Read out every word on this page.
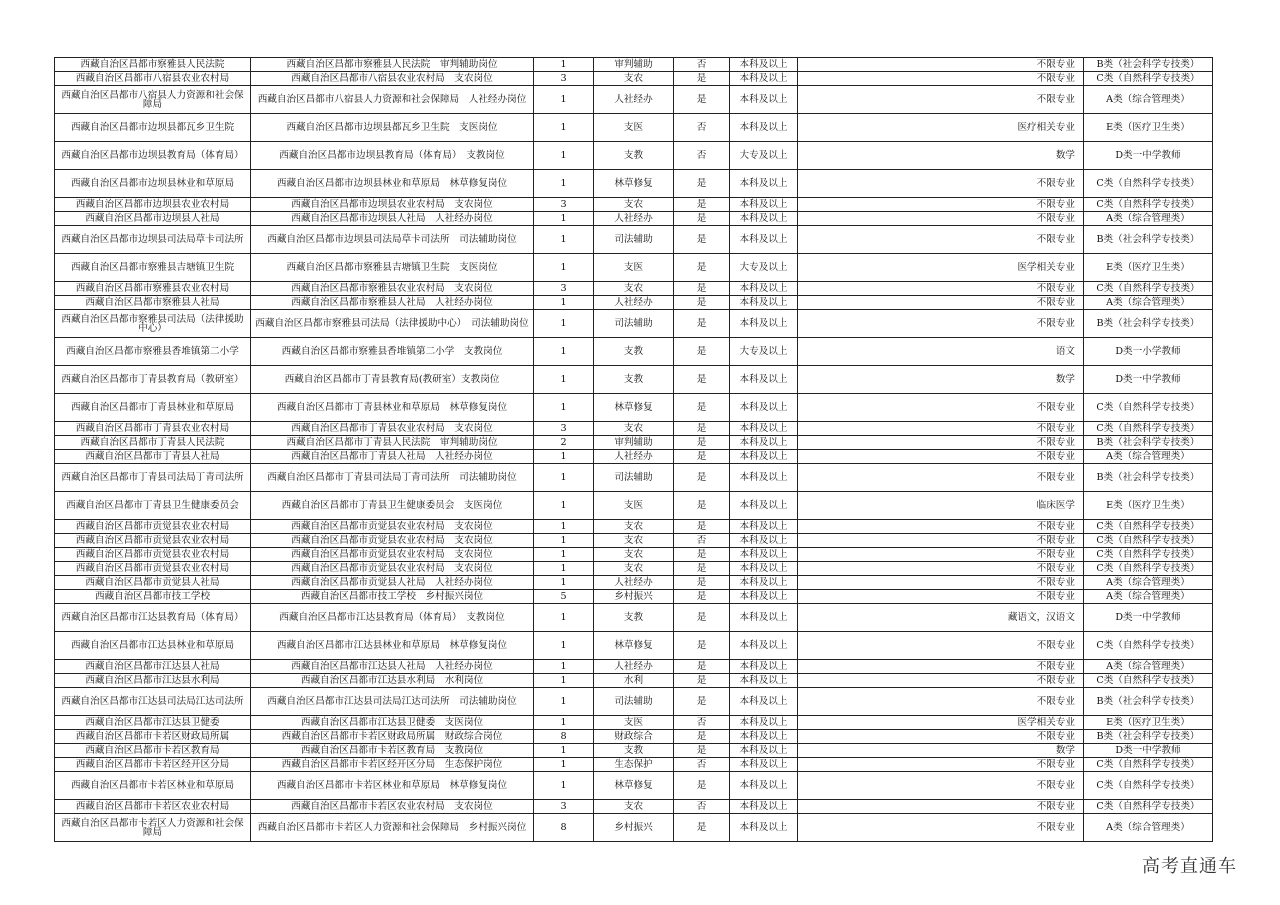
西藏自治区昌都市察雅县人民法院	西藏自治区昌都市察雅县人民法院　审判辅助岗位	1	审判辅助	否	本科及以上	不限专业	B类（社会科学专技类）
西藏自治区昌都市八宿县农业农村局	西藏自治区昌都市八宿县农业农村局　支农岗位	3	支农	是	本科及以上	不限专业	C类（自然科学专技类）
西藏自治区昌都市八宿县人力资源和社会保障局	西藏自治区昌都市八宿县人力资源和社会保障局　人社经办岗位	1	人社经办	是	本科及以上	不限专业	A类（综合管理类）
西藏自治区昌都市边坝县都瓦乡卫生院	西藏自治区昌都市边坝县都瓦乡卫生院　支医岗位	1	支医	否	本科及以上	医疗相关专业	E类（医疗卫生类）
西藏自治区昌都市边坝县教育局（体育局）	西藏自治区昌都市边坝县教育局（体育局）　支教岗位	1	支教	否	大专及以上	数学	D类一中学教师
西藏自治区昌都市边坝县林业和草原局	西藏自治区昌都市边坝县林业和草原局　林草修复岗位	1	林草修复	是	本科及以上	不限专业	C类（自然科学专技类）
西藏自治区昌都市边坝县农业农村局	西藏自治区昌都市边坝县农业农村局　支农岗位	3	支农	是	本科及以上	不限专业	C类（自然科学专技类）
西藏自治区昌都市边坝县人社局	西藏自治区昌都市边坝县人社局　人社经办岗位	1	人社经办	是	本科及以上	不限专业	A类（综合管理类）
西藏自治区昌都市边坝县司法局草卡司法所	西藏自治区昌都市边坝县司法局草卡司法所　司法辅助岗位	1	司法辅助	是	本科及以上	不限专业	B类（社会科学专技类）
西藏自治区昌都市察雅县吉塘镇卫生院	西藏自治区昌都市察雅县吉塘镇卫生院　支医岗位	1	支医	是	大专及以上	医学相关专业	E类（医疗卫生类）
西藏自治区昌都市察雅县农业农村局	西藏自治区昌都市察雅县农业农村局　支农岗位	3	支农	是	本科及以上	不限专业	C类（自然科学专技类）
西藏自治区昌都市察雅县人社局	西藏自治区昌都市察雅县人社局　人社经办岗位	1	人社经办	是	本科及以上	不限专业	A类（综合管理类）
西藏自治区昌都市察雅县司法局（法律援助中心）	西藏自治区昌都市察雅县司法局（法律援助中心）　司法辅助岗位	1	司法辅助	是	本科及以上	不限专业	B类（社会科学专技类）
西藏自治区昌都市察雅县香堆镇第二小学	西藏自治区昌都市察雅县香堆镇第二小学　支教岗位	1	支教	是	大专及以上	语文	D类一小学教师
西藏自治区昌都市丁青县教育局（教研室）	西藏自治区昌都市丁青县教育局(教研室）支教岗位	1	支教	是	本科及以上	数学	D类一中学教师
西藏自治区昌都市丁青县林业和草原局	西藏自治区昌都市丁青县林业和草原局　林草修复岗位	1	林草修复	是	本科及以上	不限专业	C类（自然科学专技类）
西藏自治区昌都市丁青县农业农村局	西藏自治区昌都市丁青县农业农村局　支农岗位	3	支农	是	本科及以上	不限专业	C类（自然科学专技类）
西藏自治区昌都市丁青县人民法院	西藏自治区昌都市丁青县人民法院　审判辅助岗位	2	审判辅助	是	本科及以上	不限专业	B类（社会科学专技类）
西藏自治区昌都市丁青县人社局	西藏自治区昌都市丁青县人社局　人社经办岗位	1	人社经办	是	本科及以上	不限专业	A类（综合管理类）
西藏自治区昌都市丁青县司法局丁青司法所	西藏自治区昌都市丁青县司法局丁青司法所　司法辅助岗位	1	司法辅助	是	本科及以上	不限专业	B类（社会科学专技类）
西藏自治区昌都市丁青县卫生健康委员会	西藏自治区昌都市丁青县卫生健康委员会　支医岗位	1	支医	是	本科及以上	临床医学	E类（医疗卫生类）
西藏自治区昌都市贡觉县农业农村局	西藏自治区昌都市贡觉县农业农村局　支农岗位	1	支农	是	本科及以上	不限专业	C类（自然科学专技类）
西藏自治区昌都市贡觉县农业农村局	西藏自治区昌都市贡觉县农业农村局　支农岗位	1	支农	否	本科及以上	不限专业	C类（自然科学专技类）
西藏自治区昌都市贡觉县农业农村局	西藏自治区昌都市贡觉县农业农村局　支农岗位	1	支农	是	本科及以上	不限专业	C类（自然科学专技类）
西藏自治区昌都市贡觉县农业农村局	西藏自治区昌都市贡觉县农业农村局　支农岗位	1	支农	是	本科及以上	不限专业	C类（自然科学专技类）
西藏自治区昌都市贡觉县人社局	西藏自治区昌都市贡觉县人社局　人社经办岗位	1	人社经办	是	本科及以上	不限专业	A类（综合管理类）
西藏自治区昌都市技工学校	西藏自治区昌都市技工学校　乡村振兴岗位	5	乡村振兴	是	本科及以上	不限专业	A类（综合管理类）
西藏自治区昌都市江达县教育局（体育局）	西藏自治区昌都市江达县教育局（体育局）　支教岗位	1	支教	是	本科及以上	藏语文，汉语文	D类一中学教师
西藏自治区昌都市江达县林业和草原局	西藏自治区昌都市江达县林业和草原局　林草修复岗位	1	林草修复	是	本科及以上	不限专业	C类（自然科学专技类）
西藏自治区昌都市江达县人社局	西藏自治区昌都市江达县人社局　人社经办岗位	1	人社经办	是	本科及以上	不限专业	A类（综合管理类）
西藏自治区昌都市江达县水利局	西藏自治区昌都市江达县水利局　水利岗位	1	水利	是	本科及以上	不限专业	C类（自然科学专技类）
西藏自治区昌都市江达县司法局江达司法所	西藏自治区昌都市江达县司法局江达司法所　司法辅助岗位	1	司法辅助	是	本科及以上	不限专业	B类（社会科学专技类）
西藏自治区昌都市江达县卫健委	西藏自治区昌都市江达县卫健委　支医岗位	1	支医	否	本科及以上	医学相关专业	E类（医疗卫生类）
西藏自治区昌都市卡若区财政局所属	西藏自治区昌都市卡若区财政局所属　财政综合岗位	8	财政综合	是	本科及以上	不限专业	B类（社会科学专技类）
西藏自治区昌都市卡若区教育局	西藏自治区昌都市卡若区教育局　支教岗位	1	支教	是	本科及以上	数学	D类一中学教师
西藏自治区昌都市卡若区经开区分局	西藏自治区昌都市卡若区经开区分局　生态保护岗位	1	生态保护	否	本科及以上	不限专业	C类（自然科学专技类）
西藏自治区昌都市卡若区林业和草原局	西藏自治区昌都市卡若区林业和草原局　林草修复岗位	1	林草修复	是	本科及以上	不限专业	C类（自然科学专技类）
西藏自治区昌都市卡若区农业农村局	西藏自治区昌都市卡若区农业农村局　支农岗位	3	支农	否	本科及以上	不限专业	C类（自然科学专技类）
西藏自治区昌都市卡若区人力资源和社会保障局	西藏自治区昌都市卡若区人力资源和社会保障局　乡村振兴岗位	8	乡村振兴	是	本科及以上	不限专业	A类（综合管理类）
高考直通车
